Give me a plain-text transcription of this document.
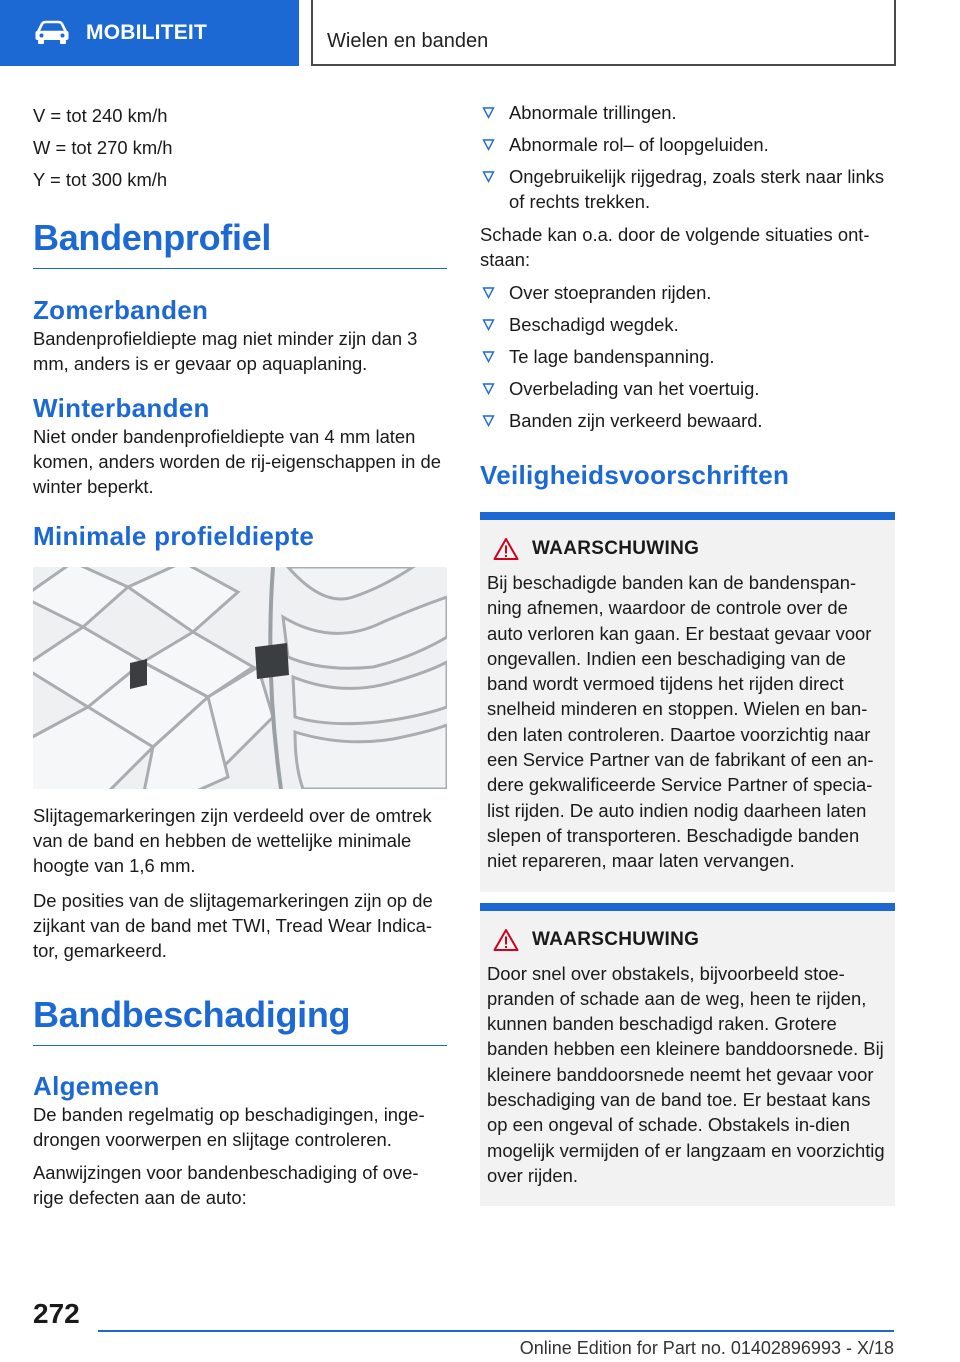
MOBILITEIT	Wielen en banden

V = tot 240 km/h

W = tot 270 km/h

Y = tot 300 km/h

Bandenprofiel
Zomerbanden

Bandenprofieldiepte mag niet minder zijn dan 3 mm, anders is er gevaar op aquaplaning.

Winterbanden

Niet onder bandenprofieldiepte van 4 mm laten komen, anders worden de rij-eigenschappen in de winter beperkt.

Minimale profieldiepte

Slijtagemarkeringen zijn verdeeld over de omtrek van de band en hebben de wettelijke minimale hoogte van 1,6 mm.

De posities van de slijtagemarkeringen zijn op de zijkant van de band met TWI, Tread Wear Indica-tor, gemarkeerd.

Bandbeschadiging
Algemeen

De banden regelmatig op beschadigingen, inge-drongen voorwerpen en slijtage controleren.

Aanwijzingen voor bandenbeschadiging of ove-rige defecten aan de auto:

Abnormale trillingen.
Abnormale rol– of loopgeluiden.
Ongebruikelijk rijgedrag, zoals sterk naar links of rechts trekken.

Schade kan o.a. door de volgende situaties ont-staan:

Over stoepranden rijden.
Beschadigd wegdek.
Te lage bandenspanning.
Overbelading van het voertuig.
Banden zijn verkeerd bewaard.
Veiligheidsvoorschriften
WAARSCHUWING

Bij beschadigde banden kan de bandenspan-ning afnemen, waardoor de controle over de auto verloren kan gaan. Er bestaat gevaar voor ongevallen. Indien een beschadiging van de band wordt vermoed tijdens het rijden direct snelheid minderen en stoppen. Wielen en ban-den laten controleren. Daartoe voorzichtig naar een Service Partner van de fabrikant of een an-dere gekwalificeerde Service Partner of specia-list rijden. De auto indien nodig daarheen laten slepen of transporteren. Beschadigde banden niet repareren, maar laten vervangen.

WAARSCHUWING

Door snel over obstakels, bijvoorbeeld stoe-pranden of schade aan de weg, heen te rijden, kunnen banden beschadigd raken. Grotere banden hebben een kleinere banddoorsnede. Bij kleinere banddoorsnede neemt het gevaar voor beschadiging van de band toe. Er bestaat kans op een ongeval of schade. Obstakels in-dien mogelijk vermijden of er langzaam en voorzichtig over rijden.

272
Online Edition for Part no. 01402896993 - X/18
